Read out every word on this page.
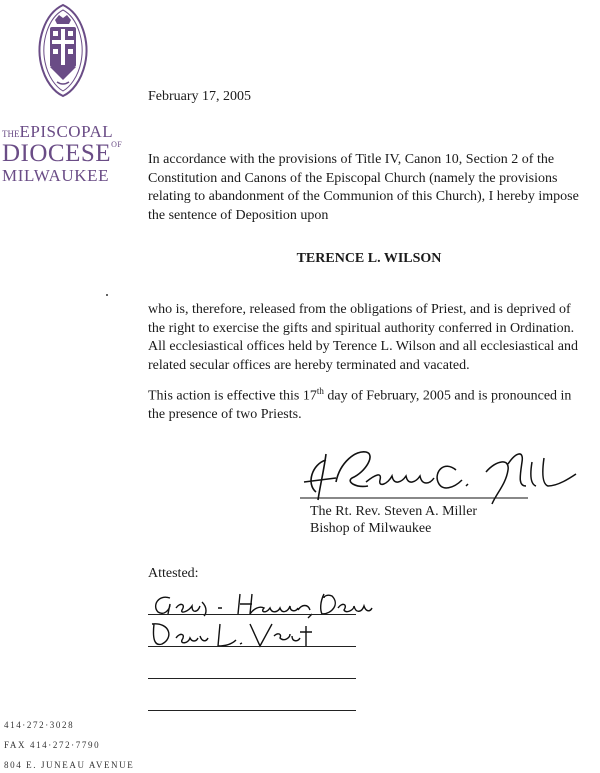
THEEPISCOPAL
$DIOCESE^{OF}$
MILWAUKEE
February 17, 2005
In accordance with the provisions of Title IV, Canon 10, Section 2 of the Constitution and Canons of the Episcopal Church (namely the provisions relating to abandonment of the Communion of this Church), I hereby impose the sentence of Deposition upon
TERENCE L. WILSON
who is, therefore, released from the obligations of Priest, and is deprived of the right to exercise the gifts and spiritual authority conferred in Ordination. All ecclesiastical offices held by Terence L. Wilson and all ecclesiastical and related secular offices are hereby terminated and vacated.
This action is effective this 17th day of February, 2005 and is pronounced in the presence of two Priests.
The Rt. Rev. Steven A. Miller
Bishop of Milwaukee
Attested:
414·272·3028
FAX 414·272·7790
804 E. JUNEAU AVENUE
